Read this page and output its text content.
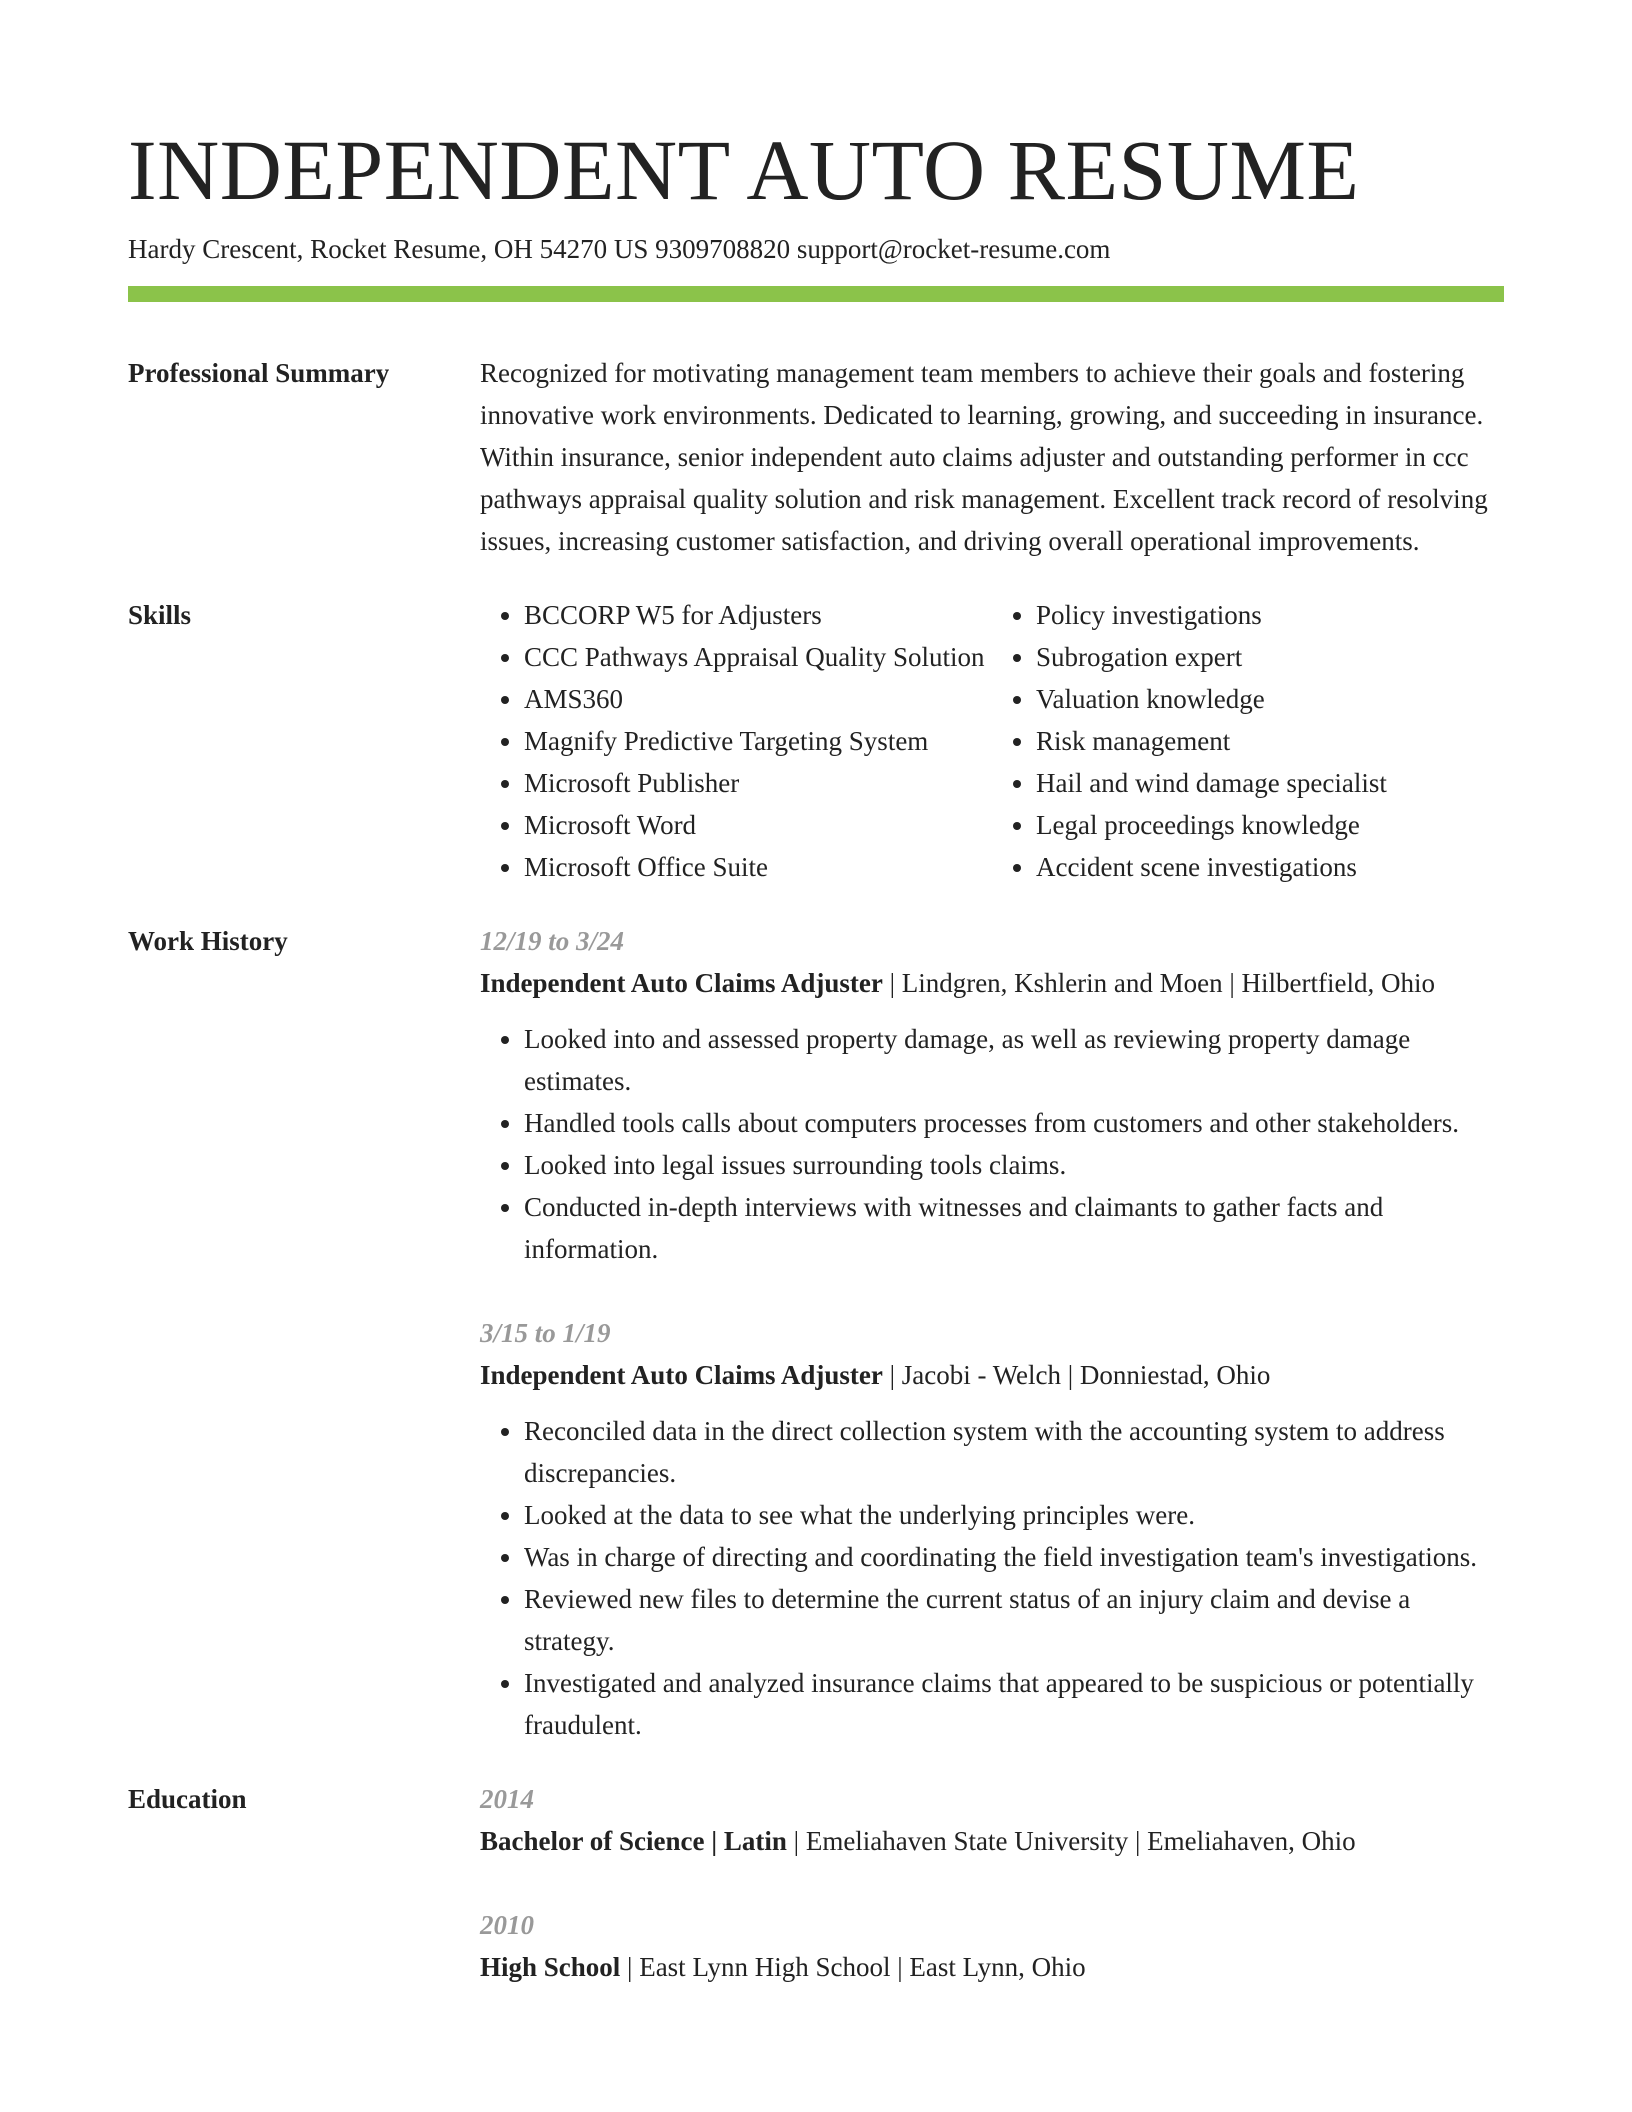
INDEPENDENT AUTO RESUME
Hardy Crescent, Rocket Resume, OH 54270 US 9309708820 support@rocket-resume.com
Professional Summary	Recognized for motivating management team members to achieve their goals and fostering innovative work environments. Dedicated to learning, growing, and succeeding in insurance. Within insurance, senior independent auto claims adjuster and outstanding performer in ccc pathways appraisal quality solution and risk management. Excellent track record of resolving issues, increasing customer satisfaction, and driving overall operational improvements.

Skills
•	BCCORP W5 for Adjusters
• CCC Pathways Appraisal Quality Solution
• AMS360
• Magnify Predictive Targeting System
• Microsoft Publisher
• Microsoft Word
• Microsoft Office Suite
• Policy investigations
• Subrogation expert
• Valuation knowledge
• Risk management
• Hail and wind damage specialist
• Legal proceedings knowledge
• Accident scene investigations
Work History	12/19 to 3/24
Independent Auto Claims Adjuster | Lindgren, Kshlerin and Moen | Hilbertfield, Ohio
• Looked into and assessed property damage, as well as reviewing property damage estimates.
• Handled tools calls about computers processes from customers and other stakeholders.
• Looked into legal issues surrounding tools claims.
• Conducted in-depth interviews with witnesses and claimants to gather facts and information.
3/15 to 1/19
Independent Auto Claims Adjuster | Jacobi - Welch | Donniestad, Ohio
• Reconciled data in the direct collection system with the accounting system to address discrepancies.
• Looked at the data to see what the underlying principles were.
• Was in charge of directing and coordinating the field investigation team's investigations.
• Reviewed new files to determine the current status of an injury claim and devise a strategy.
• Investigated and analyzed insurance claims that appeared to be suspicious or potentially fraudulent.
Education	2014
Bachelor of Science | Latin | Emeliahaven State University | Emeliahaven, Ohio
2010
High School | East Lynn High School | East Lynn, Ohio
